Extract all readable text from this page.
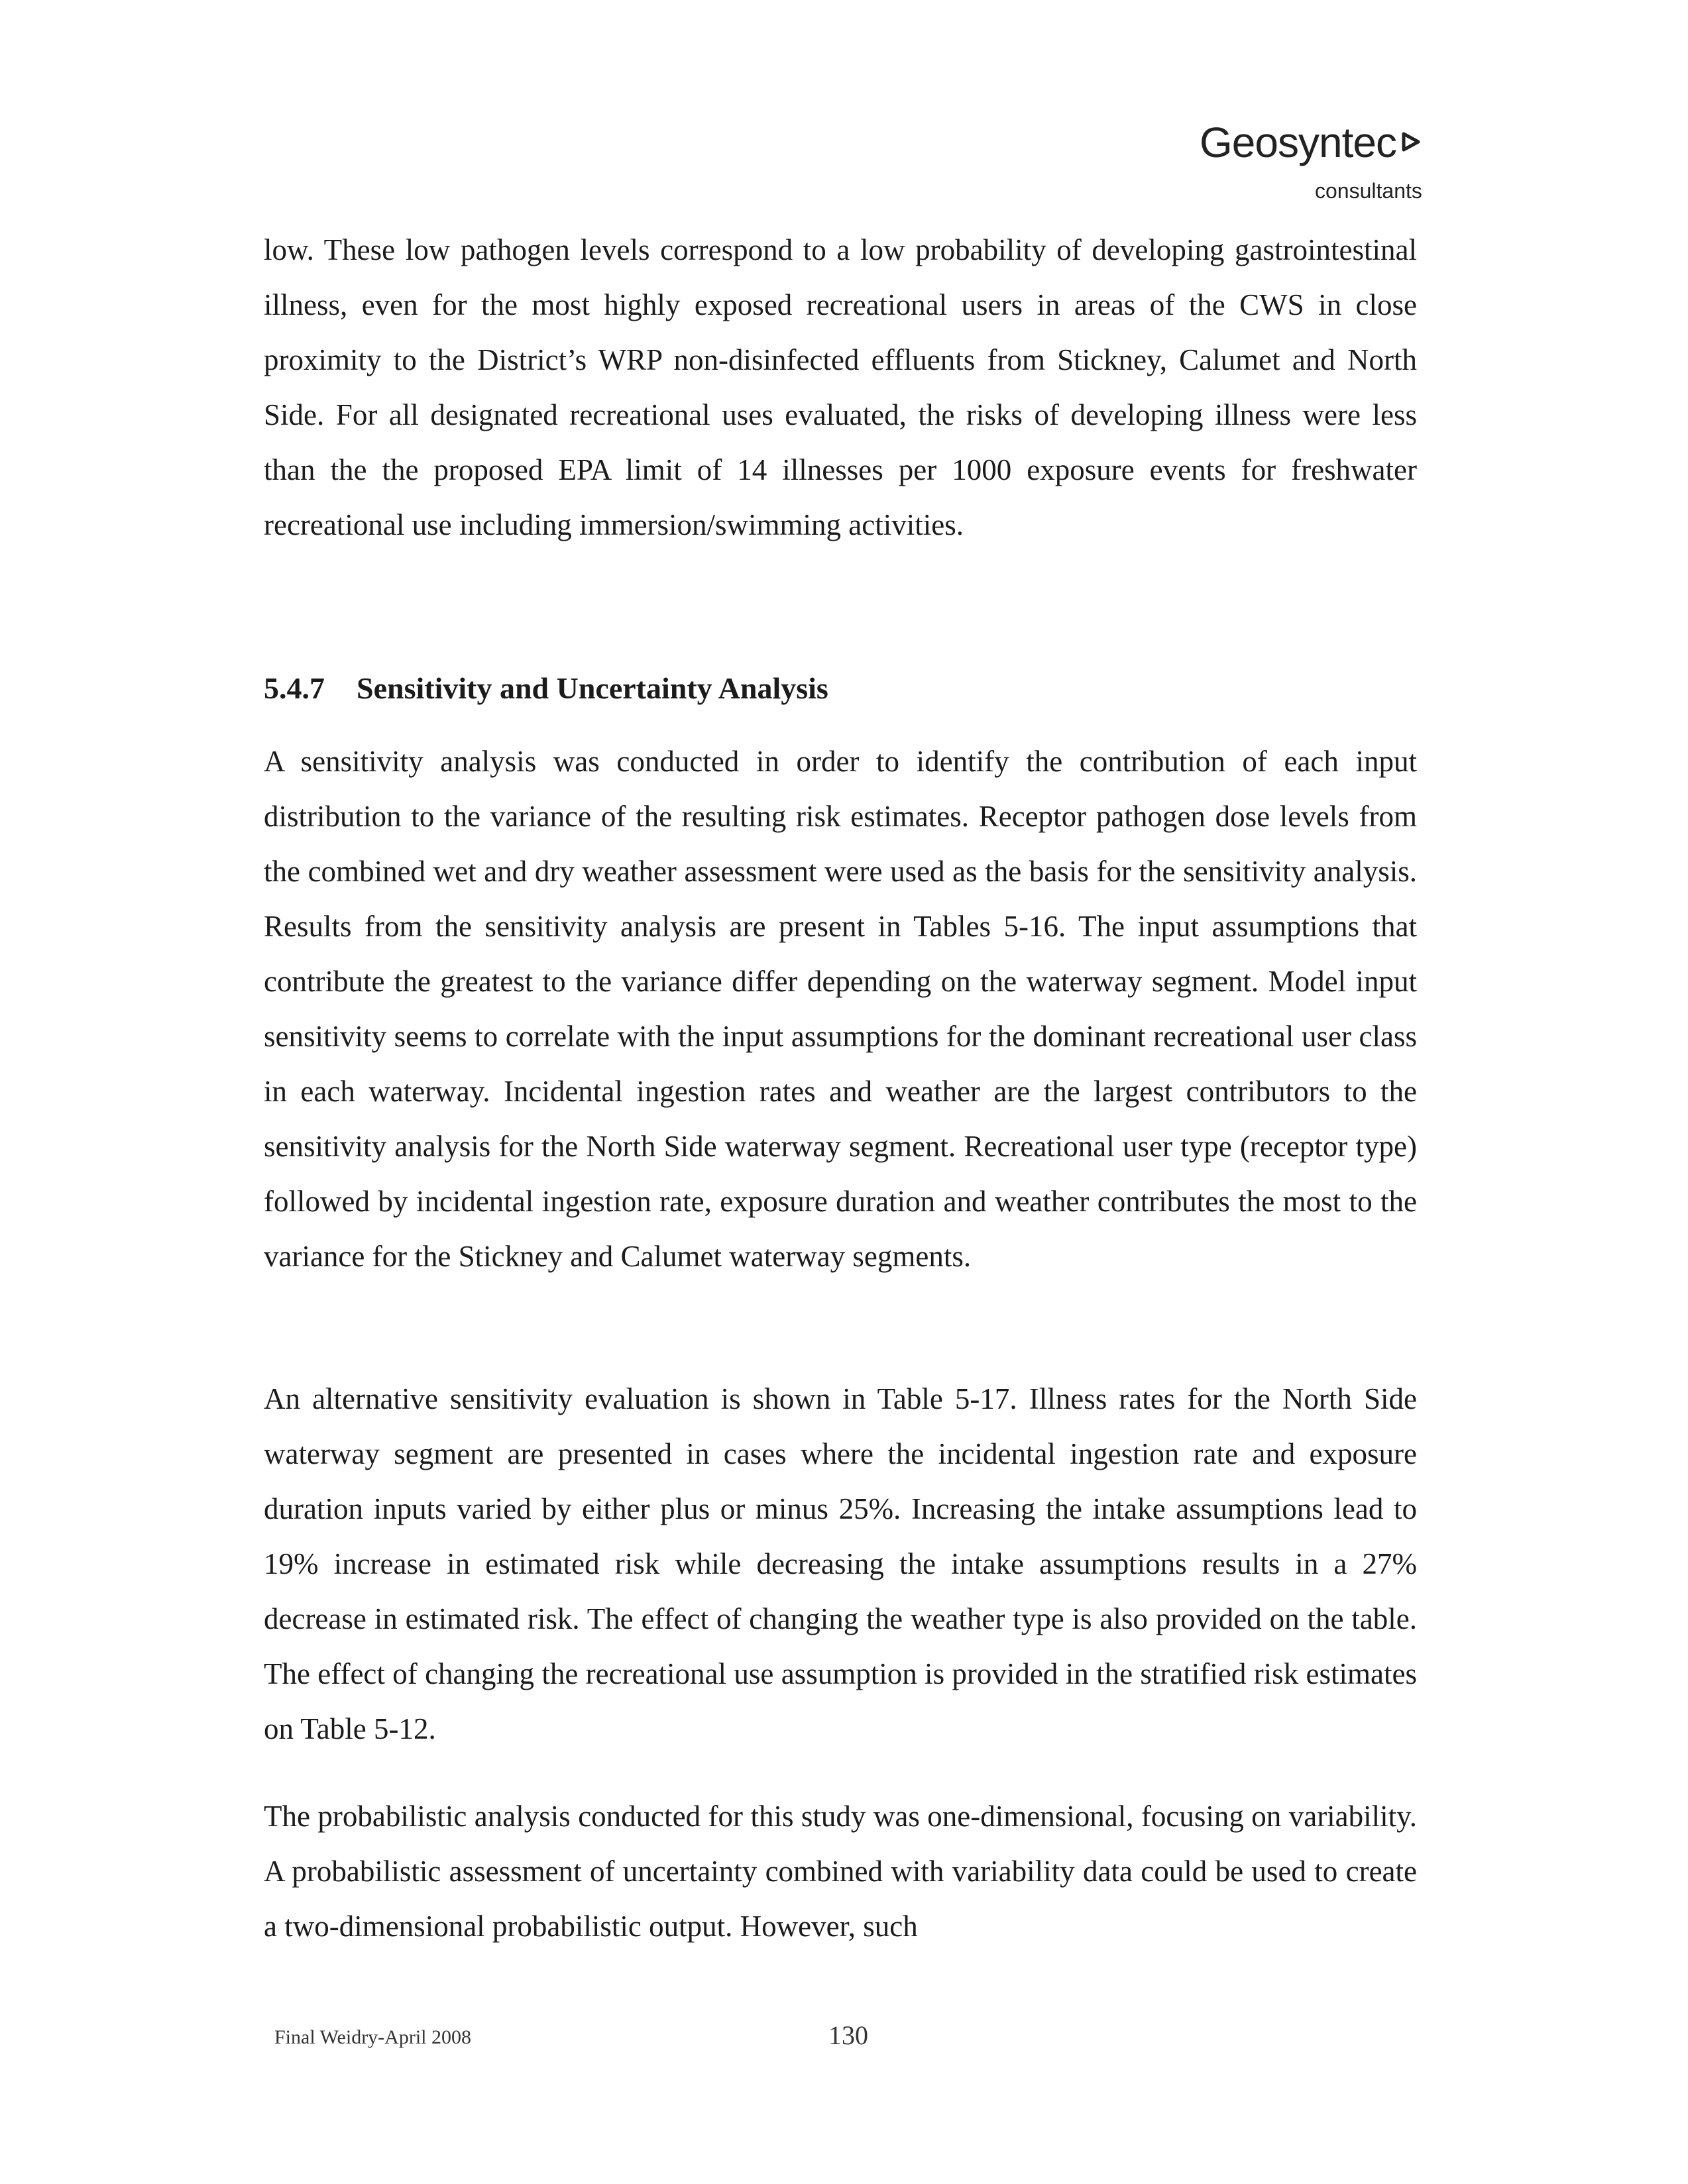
Geosyntec
consultants
low. These low pathogen levels correspond to a low probability of developing gastrointestinal illness, even for the most highly exposed recreational users in areas of the CWS in close proximity to the District’s WRP non-disinfected effluents from Stickney, Calumet and North Side. For all designated recreational uses evaluated, the risks of developing illness were less than the the proposed EPA limit of 14 illnesses per 1000 exposure events for freshwater recreational use including immersion/swimming activities.
5.4.7 Sensitivity and Uncertainty Analysis
A sensitivity analysis was conducted in order to identify the contribution of each input distribution to the variance of the resulting risk estimates. Receptor pathogen dose levels from the combined wet and dry weather assessment were used as the basis for the sensitivity analysis. Results from the sensitivity analysis are present in Tables 5-16. The input assumptions that contribute the greatest to the variance differ depending on the waterway segment. Model input sensitivity seems to correlate with the input assumptions for the dominant recreational user class in each waterway. Incidental ingestion rates and weather are the largest contributors to the sensitivity analysis for the North Side waterway segment. Recreational user type (receptor type) followed by incidental ingestion rate, exposure duration and weather contributes the most to the variance for the Stickney and Calumet waterway segments.
An alternative sensitivity evaluation is shown in Table 5-17. Illness rates for the North Side waterway segment are presented in cases where the incidental ingestion rate and exposure duration inputs varied by either plus or minus 25%. Increasing the intake assumptions lead to 19% increase in estimated risk while decreasing the intake assumptions results in a 27% decrease in estimated risk. The effect of changing the weather type is also provided on the table. The effect of changing the recreational use assumption is provided in the stratified risk estimates on Table 5-12.
The probabilistic analysis conducted for this study was one-dimensional, focusing on variability. A probabilistic assessment of uncertainty combined with variability data could be used to create a two-dimensional probabilistic output. However, such
Final Weidry-April 2008	130
